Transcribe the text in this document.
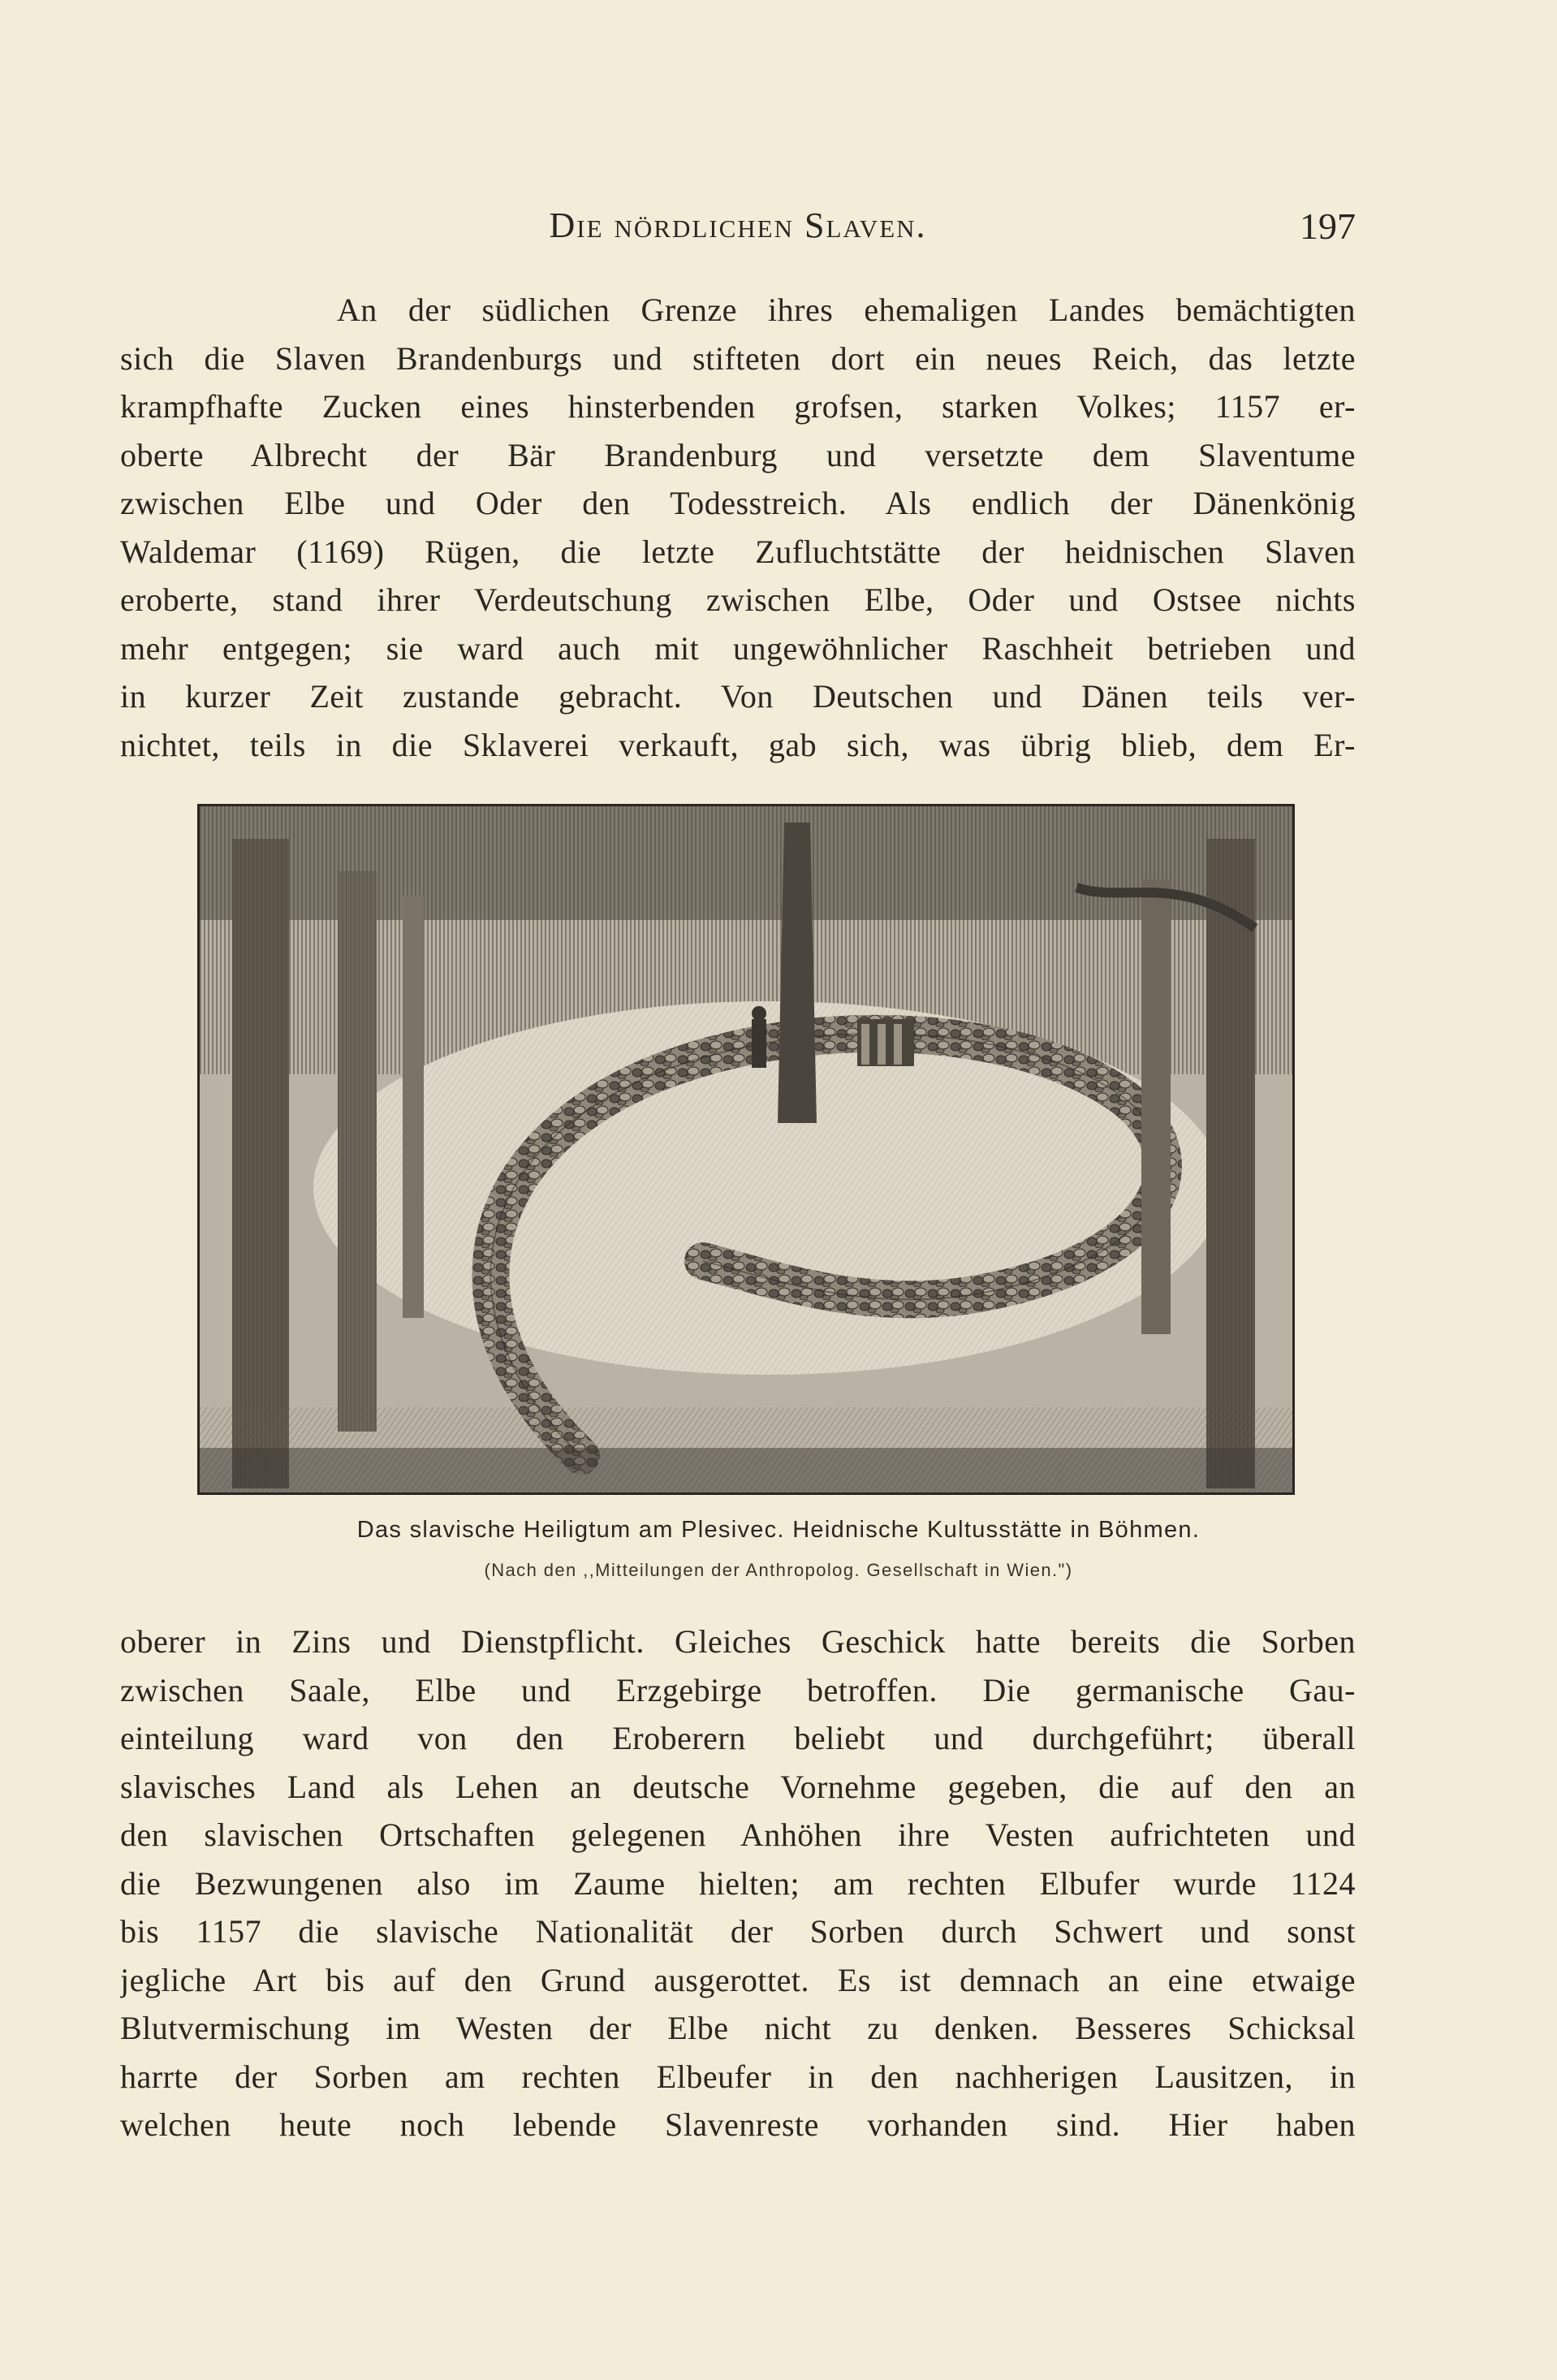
Die nördlichen Slaven.	197
An der südlichen Grenze ihres ehemaligen Landes bemächtigten
sich die Slaven Brandenburgs und stifteten dort ein neues Reich, das letzte
krampfhafte Zucken eines hinsterbenden grofsen, starken Volkes; 1157 er-
oberte Albrecht der Bär Brandenburg und versetzte dem Slaventume
zwischen Elbe und Oder den Todesstreich. Als endlich der Dänenkönig
Waldemar (1169) Rügen, die letzte Zufluchtstätte der heidnischen Slaven
eroberte, stand ihrer Verdeutschung zwischen Elbe, Oder und Ostsee nichts
mehr entgegen; sie ward auch mit ungewöhnlicher Raschheit betrieben und
in kurzer Zeit zustande gebracht. Von Deutschen und Dänen teils ver-
nichtet, teils in die Sklaverei verkauft, gab sich, was übrig blieb, dem Er-
Das slavische Heiligtum am Plesivec. Heidnische Kultusstätte in Böhmen.
(Nach den ,,Mitteilungen der Anthropolog. Gesellschaft in Wien.")
oberer in Zins und Dienstpflicht. Gleiches Geschick hatte bereits die Sorben
zwischen Saale, Elbe und Erzgebirge betroffen. Die germanische Gau-
einteilung ward von den Eroberern beliebt und durchgeführt; überall
slavisches Land als Lehen an deutsche Vornehme gegeben, die auf den an
den slavischen Ortschaften gelegenen Anhöhen ihre Vesten aufrichteten und
die Bezwungenen also im Zaume hielten; am rechten Elbufer wurde 1124
bis 1157 die slavische Nationalität der Sorben durch Schwert und sonst
jegliche Art bis auf den Grund ausgerottet. Es ist demnach an eine etwaige
Blutvermischung im Westen der Elbe nicht zu denken. Besseres Schicksal
harrte der Sorben am rechten Elbeufer in den nachherigen Lausitzen, in
welchen heute noch lebende Slavenreste vorhanden sind. Hier haben
